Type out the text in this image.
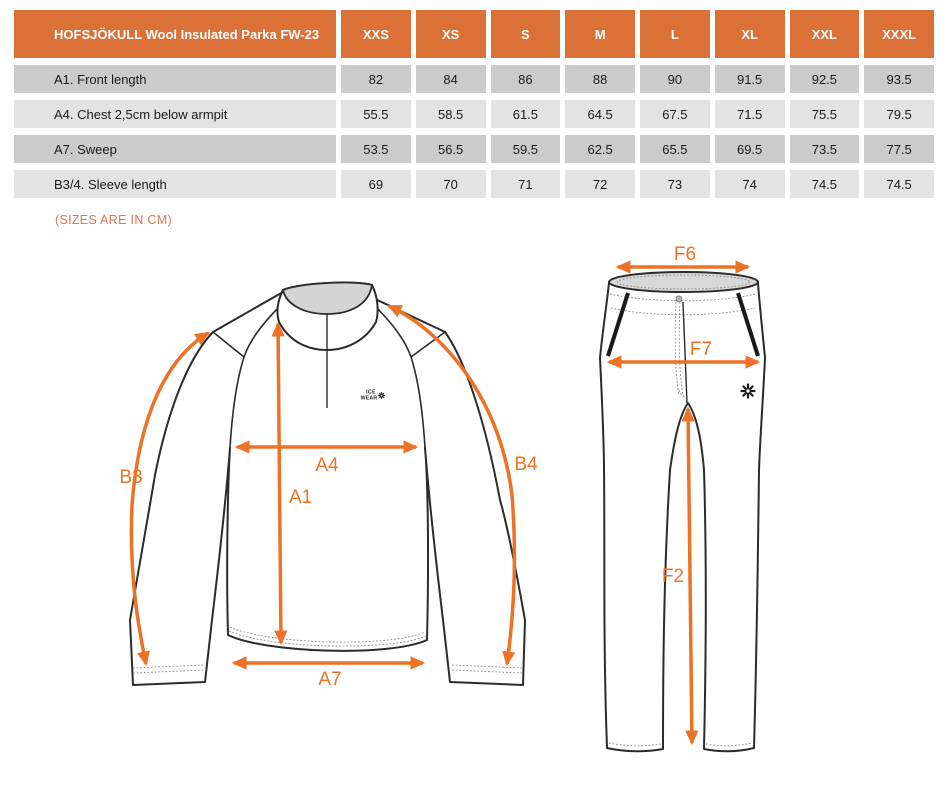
HOFSJÖKULL Wool Insulated Parka FW-23	XXS	XS	S	M	L	XL	XXL	XXXL
A1. Front length	82	84	86	88	90	91.5	92.5	93.5
A4. Chest 2,5cm below armpit	55.5	58.5	61.5	64.5	67.5	71.5	75.5	79.5
A7. Sweep	53.5	56.5	59.5	62.5	65.5	69.5	73.5	77.5
B3/4. Sleeve length	69	70	71	72	73	74	74.5	74.5
(SIZES ARE IN CM)
ICE
WEAR
A1
A4
A7
B3
B4
F6
F7
F2
